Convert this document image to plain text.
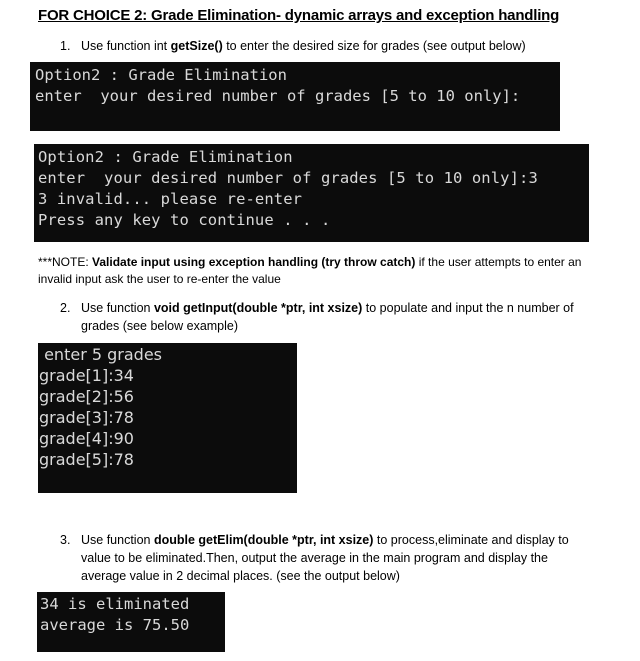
FOR CHOICE 2: Grade Elimination- dynamic arrays and exception handling
1. Use function int getSize() to enter the desired size for grades (see output below)
Option2 : Grade Elimination
enter  your desired number of grades [5 to 10 only]:
Option2 : Grade Elimination
enter  your desired number of grades [5 to 10 only]:3
3 invalid... please re-enter
Press any key to continue . . .
***NOTE: Validate input using exception handling (try throw catch) if the user attempts to enter an invalid input ask the user to re-enter the value
2. Use function void getInput(double *ptr, int xsize) to populate and input the n number of grades (see below example)
enter 5 grades
grade[1]:34
grade[2]:56
grade[3]:78
grade[4]:90
grade[5]:78
3. Use function double getElim(double *ptr, int xsize) to process,eliminate and display to value to be eliminated.Then, output the average in the main program and display the average value in 2 decimal places. (see the output below)
34 is eliminated
average is 75.50
